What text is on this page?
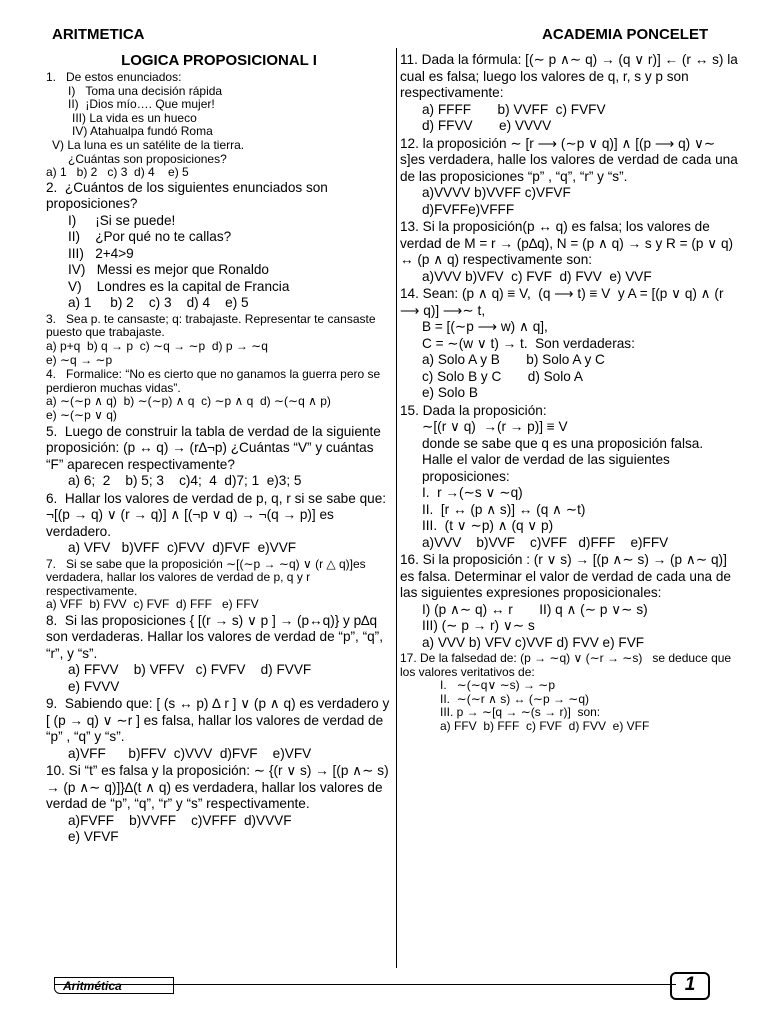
ARITMETICA	ACADEMIA PONCELET
LOGICA PROPOSICIONAL I
1.   De estos enunciados:
I)   Toma una decisión rápida
II)  ¡Dios mío…. Que mujer!
III) La vida es un hueco
IV) Atahualpa fundó Roma
V) La luna es un satélite de la tierra.
¿Cuántas son proposiciones?
a) 1   b) 2   c) 3  d) 4    e) 5
2.  ¿Cuántos de los siguientes enunciados son proposiciones?
I)     ¡Si se puede!
II)    ¿Por qué no te callas?
III)   2+4>9
IV)   Messi es mejor que Ronaldo
V)    Londres es la capital de Francia
a) 1     b) 2    c) 3    d) 4    e) 5
3.   Sea p. te cansaste; q: trabajaste. Representar te cansaste puesto que trabajaste.
a) p+q  b) q → p  c) ∼q → ∼p  d) p → ∼q
e) ∼q → ∼p
4.   Formalice: “No es cierto que no ganamos la guerra pero se perdieron muchas vidas”.
a) ∼(∼p ∧ q)  b) ∼(∼p) ∧ q  c) ∼p ∧ q  d) ∼(∼q ∧ p)
e) ∼(∼p ∨ q)
5.  Luego de construir la tabla de verdad de la siguiente proposición: (p ↔ q) → (r∆¬p) ¿Cuántas “V” y cuántas “F” aparecen respectivamente?
a) 6;  2    b) 5; 3    c)4;  4  d)7; 1  e)3; 5
6.  Hallar los valores de verdad de p, q, r si se sabe que: ¬[(p → q) ∨ (r → q)] ∧ [(¬p ∨ q) → ¬(q → p)] es verdadero.
a) VFV   b)VFF  c)FVV  d)FVF  e)VVF
7.   Si se sabe que la proposición ∼[(∼p → ∼q) ∨ (r △ q)]es verdadera, hallar los valores de verdad de p, q y r respectivamente.
a) VFF  b) FVV  c) FVF  d) FFF   e) FFV
8.  Si las proposiciones { [(r → s) ∨ p ] → (p↔q)} y p∆q son verdaderas. Hallar los valores de verdad de “p”, “q”, “r”, y “s”.
a) FFVV    b) VFFV   c) FVFV    d) FVVF
e) FVVV
9.  Sabiendo que: [ (s ↔ p) ∆ r ] ∨ (p ∧ q) es verdadero y [ (p → q) ∨ ∼r ] es falsa, hallar los valores de verdad de “p” , “q” y “s”.
a)VFF      b)FFV  c)VVV  d)FVF    e)VFV
10. Si “t” es falsa y la proposición: ∼ {(r ∨ s) → [(p ∧∼ s) → (p ∧∼ q)]}∆(t ∧ q) es verdadera, hallar los valores de verdad de “p”, “q”, “r” y “s” respectivamente.
a)FVFF    b)VVFF    c)VFFF  d)VVVF
e) VFVF
11. Dada la fórmula: [(∼ p ∧∼ q) → (q ∨ r)] ← (r ↔ s) la cual es falsa; luego los valores de q, r, s y p son respectivamente:
a) FFFF       b) VVFF  c) FVFV
d) FFVV       e) VVVV
12. la proposición ∼ [r ⟶ (∼p ∨ q)] ∧ [(p ⟶ q) ∨∼ s]es verdadera, halle los valores de verdad de cada una de las proposiciones “p” , “q”, “r” y “s”.
a)VVVV b)VVFF c)VFVF
d)FVFFe)VFFF
13. Si la proposición(p ↔ q) es falsa; los valores de verdad de M = r → (p∆q), N = (p ∧ q) → s y R = (p ∨ q) ↔ (p ∧ q) respectivamente son:
a)VVV b)VFV  c) FVF  d) FVV  e) VVF
14. Sean: (p ∧ q) ≡ V,  (q ⟶ t) ≡ V  y A = [(p ∨ q) ∧ (r ⟶ q)] ⟶∼ t,
B = [(∼p ⟶ w) ∧ q],
C = ∼(w ∨ t) → t.  Son verdaderas:
a) Solo A y B       b) Solo A y C
c) Solo B y C       d) Solo A
e) Solo B
15. Dada la proposición:
∼[(r ∨ q)  →(r → p)] ≡ V
donde se sabe que q es una proposición falsa.
Halle el valor de verdad de las siguientes proposiciones:
I.  r →(∼s ∨ ∼q)
II.  [r ↔ (p ∧ s)] ↔ (q ∧ ∼t)
III.  (t ∨ ∼p) ∧ (q ∨ p)
a)VVV    b)VVF    c)VFF   d)FFF    e)FFV
16. Si la proposición : (r ∨ s) → [(p ∧∼ s) → (p ∧∼ q)] es falsa. Determinar el valor de verdad de cada una de las siguientes expresiones proposicionales:
I) (p ∧∼ q) ↔ r       II) q ∧ (∼ p ∨∼ s)
III) (∼ p → r) ∨∼ s
a) VVV b) VFV c)VVF d) FVV e) FVF
17. De la falsedad de: (p → ∼q) ∨ (∼r → ∼s)   se deduce que los valores veritativos de:
I.   ∼(∼q∨ ∼s) → ∼p
II.  ∼(∼r ∧ s) ↔ (∼p → ∼q)
III. p → ∼[q → ∼(s → r)]  son:
a) FFV  b) FFF  c) FVF  d) FVV  e) VFF
Aritmética	1
